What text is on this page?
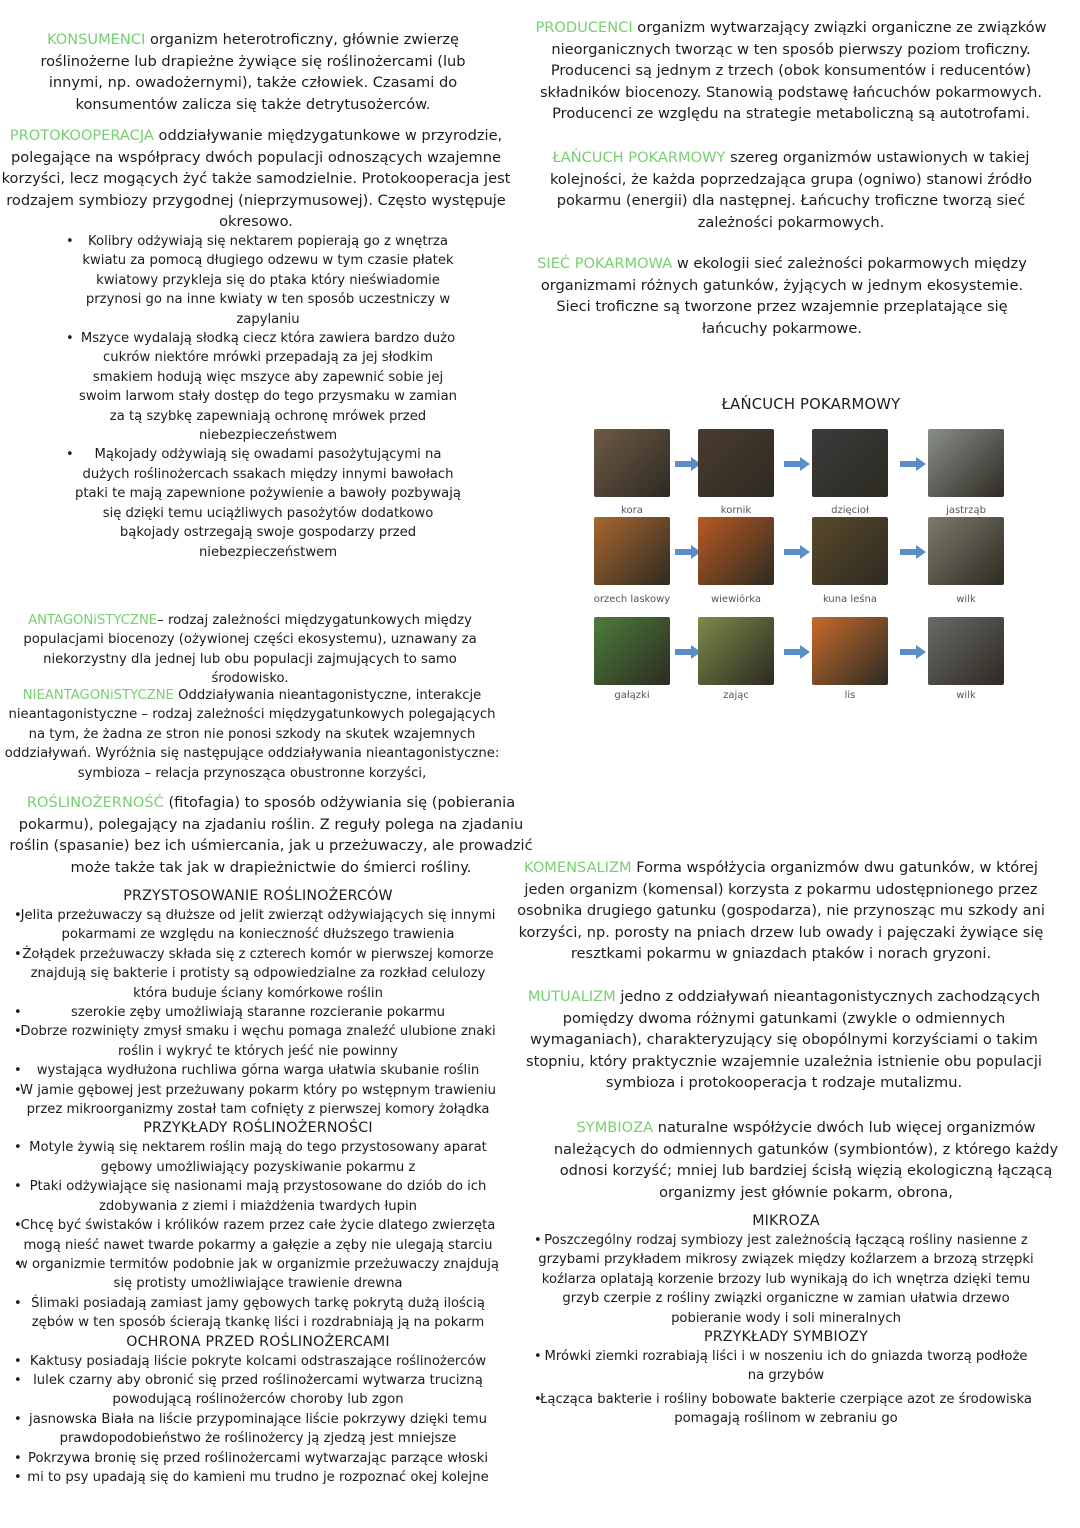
KONSUMENCI organizm heterotroficzny, głównie zwierzę roślinożerne lub drapieżne żywiące się roślinożercami (lub innymi, np. owadożernymi), także człowiek. Czasami do konsumentów zalicza się także detrytusożerców.
PROTOKOOPERACJA oddziaływanie międzygatunkowe w przyrodzie, polegające na współpracy dwóch populacji odnoszących wzajemne korzyści, lecz mogących żyć także samodzielnie. Protokooperacja jest rodzajem symbiozy przygodnej (nieprzymusowej). Często występuje okresowo.
• Kolibry odżywiają się nektarem popierają go z wnętrza kwiatu za pomocą długiego odzewu w tym czasie płatek kwiatowy przykleja się do ptaka który nieświadomie przynosi go na inne kwiaty w ten sposób uczestniczy w zapylaniu
• Mszyce wydalają słodką ciecz która zawiera bardzo dużo cukrów niektóre mrówki przepadają za jej słodkim smakiem hodują więc mszyce aby zapewnić sobie jej swoim larwom stały dostęp do tego przysmaku w zamian za tą szybkę zapewniają ochronę mrówek przed niebezpieczeństwem
• Mąkojady odżywiają się owadami pasożytującymi na dużych roślinożercach ssakach między innymi bawołach ptaki te mają zapewnione pożywienie a bawoły pozbywają się dzięki temu uciążliwych pasożytów dodatkowo bąkojady ostrzegają swoje gospodarzy przed niebezpieczeństwem
ANTAGONiSTYCZNE– rodzaj zależności międzygatunkowych między populacjami biocenozy (ożywionej części ekosystemu), uznawany za niekorzystny dla jednej lub obu populacji zajmujących to samo środowisko.
NIEANTAGONiSTYCZNE Oddziaływania nieantagonistyczne, interakcje nieantagonistyczne – rodzaj zależności międzygatunkowych polegających na tym, że żadna ze stron nie ponosi szkody na skutek wzajemnych oddziaływań. Wyróżnia się następujące oddziaływania nieantagonistyczne: symbioza – relacja przynosząca obustronne korzyści,
ROŚLINOŻERNOŚĆ (fitofagia) to sposób odżywiania się (pobierania pokarmu), polegający na zjadaniu roślin. Z reguły polega na zjadaniu roślin (spasanie) bez ich uśmiercania, jak u przeżuwaczy, ale prowadzić może także tak jak w drapieżnictwie do śmierci rośliny.
PRZYSTOSOWANIE ROŚLINOŻERCÓW
• Jelita przeżuwaczy są dłuższe od jelit zwierząt odżywiających się innymi pokarmami ze względu na konieczność dłuższego trawienia
• Żołądek przeżuwaczy składa się z czterech komór w pierwszej komorze znajdują się bakterie i protisty są odpowiedzialne za rozkład celulozy która buduje ściany komórkowe roślin
• szerokie zęby umożliwiają staranne rozcieranie pokarmu
• Dobrze rozwinięty zmysł smaku i węchu pomaga znaleźć ulubione znaki roślin i wykryć te których jeść nie powinny
• wystająca wydłużona ruchliwa górna warga ułatwia skubanie roślin
• W jamie gębowej jest przeżuwany pokarm który po wstępnym trawieniu przez mikroorganizmy został tam cofnięty z pierwszej komory żołądka
PRZYKŁADY ROŚLINOŻERNOŚCI
• Motyle żywią się nektarem roślin mają do tego przystosowany aparat gębowy umożliwiający pozyskiwanie pokarmu z
• Ptaki odżywiające się nasionami mają przystosowane do dziób do ich zdobywania z ziemi i miażdżenia twardych łupin
• Chcę być świstaków i królików razem przez całe życie dlatego zwierzęta mogą nieść nawet twarde pokarmy a gałęzie a zęby nie ulegają starciu
• w organizmie termitów podobnie jak w organizmie przeżuwaczy znajdują się protisty umożliwiające trawienie drewna
• Ślimaki posiadają zamiast jamy gębowych tarkę pokrytą dużą ilością zębów w ten sposób ścierają tkankę liści i rozdrabniają ją na pokarm
OCHRONA PRZED ROŚLINOŻERCAMI
• Kaktusy posiadają liście pokryte kolcami odstraszające roślinożerców
• lulek czarny aby obronić się przed roślinożercami wytwarza trucizną powodującą roślinożerców choroby lub zgon
• jasnowska Biała na liście przypominające liście pokrzywy dzięki temu prawdopodobieństwo że roślinożercy ją zjedzą jest mniejsze
• Pokrzywa bronię się przed roślinożercami wytwarzając parzące włoski
• mi to psy upadają się do kamieni mu trudno je rozpoznać okej kolejne
PRODUCENCI organizm wytwarzający związki organiczne ze związków nieorganicznych tworząc w ten sposób pierwszy poziom troficzny. Producenci są jednym z trzech (obok konsumentów i reducentów) składników biocenozy. Stanowią podstawę łańcuchów pokarmowych. Producenci ze względu na strategie metaboliczną są autotrofami.
ŁAŃCUCH POKARMOWY szereg organizmów ustawionych w takiej kolejności, że każda poprzedzająca grupa (ogniwo) stanowi źródło pokarmu (energii) dla następnej. Łańcuchy troficzne tworzą sieć zależności pokarmowych.
SIEĆ POKARMOWA w ekologii sieć zależności pokarmowych między organizmami różnych gatunków, żyjących w jednym ekosystemie. Sieci troficzne są tworzone przez wzajemnie przeplatające się łańcuchy pokarmowe.
ŁAŃCUCH POKARMOWY
kora	kornik	dzięcioł	jastrząb
orzech laskowy	wiewiórka	kuna leśna	wilk
gałązki	zając	lis	wilk
KOMENSALIZM Forma współżycia organizmów dwu gatunków, w której jeden organizm (komensal) korzysta z pokarmu udostępnionego przez osobnika drugiego gatunku (gospodarza), nie przynosząc mu szkody ani korzyści, np. porosty na pniach drzew lub owady i pajęczaki żywiące się resztkami pokarmu w gniazdach ptaków i norach gryzoni.
MUTUALIZM jedno z oddziaływań nieantagonistycznych zachodzących pomiędzy dwoma różnymi gatunkami (zwykle o odmiennych wymaganiach), charakteryzujący się obopólnymi korzyściami o takim stopniu, który praktycznie wzajemnie uzależnia istnienie obu populacji symbioza i protokooperacja t rodzaje mutalizmu.
SYMBIOZA naturalne współżycie dwóch lub więcej organizmów należących do odmiennych gatunków (symbiontów), z którego każdy odnosi korzyść; mniej lub bardziej ścisłą więzią ekologiczną łączącą organizmy jest głównie pokarm, obrona,
MIKROZA
• Poszczególny rodzaj symbiozy jest zależnością łączącą rośliny nasienne z grzybami przykładem mikrosy związek między koźlarzem a brzozą strzępki koźlarza oplatają korzenie brzozy lub wynikają do ich wnętrza dzięki temu grzyb czerpie z rośliny związki organiczne w zamian ułatwia drzewo pobieranie wody i soli mineralnych
PRZYKŁADY SYMBIOZY
• Mrówki ziemki rozrabiają liści i w noszeniu ich do gniazda tworzą podłoże na grzybów
• Łącząca bakterie i rośliny bobowate bakterie czerpiące azot ze środowiska pomagają roślinom w zebraniu go
